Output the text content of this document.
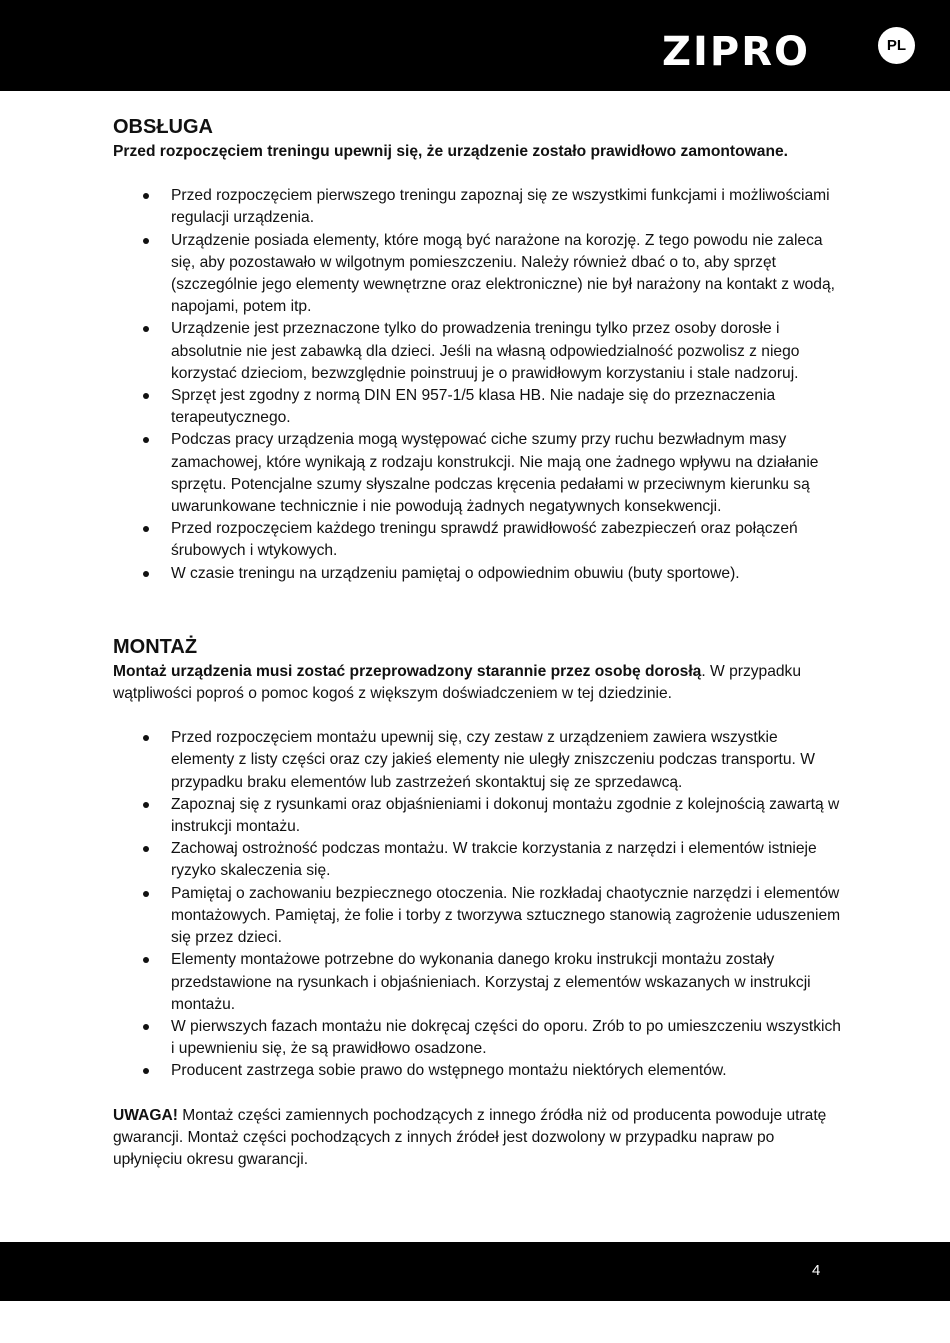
ZIPRO	PL
OBSŁUGA

Przed rozpoczęciem treningu upewnij się, że urządzenie zostało prawidłowo zamontowane.

Przed rozpoczęciem pierwszego treningu zapoznaj się ze wszystkimi funkcjami i możliwościami regulacji urządzenia.
Urządzenie posiada elementy, które mogą być narażone na korozję. Z tego powodu nie zaleca się, aby pozostawało w wilgotnym pomieszczeniu. Należy również dbać o to, aby sprzęt (szczególnie jego elementy wewnętrzne oraz elektroniczne) nie był narażony na kontakt z wodą, napojami, potem itp.
Urządzenie jest przeznaczone tylko do prowadzenia treningu tylko przez osoby dorosłe i absolutnie nie jest zabawką dla dzieci. Jeśli na własną odpowiedzialność pozwolisz z niego korzystać dzieciom, bezwzględnie poinstruuj je o prawidłowym korzystaniu i stale nadzoruj.
Sprzęt jest zgodny z normą DIN EN 957-1/5 klasa HB. Nie nadaje się do przeznaczenia terapeutycznego.
Podczas pracy urządzenia mogą występować ciche szumy przy ruchu bezwładnym masy zamachowej, które wynikają z rodzaju konstrukcji. Nie mają one żadnego wpływu na działanie sprzętu. Potencjalne szumy słyszalne podczas kręcenia pedałami w przeciwnym kierunku są uwarunkowane technicznie i nie powodują żadnych negatywnych konsekwencji.
Przed rozpoczęciem każdego treningu sprawdź prawidłowość zabezpieczeń oraz połączeń śrubowych i wtykowych.
W czasie treningu na urządzeniu pamiętaj o odpowiednim obuwiu (buty sportowe).
MONTAŻ

Montaż urządzenia musi zostać przeprowadzony starannie przez osobę dorosłą. W przypadku wątpliwości poproś o pomoc kogoś z większym doświadczeniem w tej dziedzinie.

Przed rozpoczęciem montażu upewnij się, czy zestaw z urządzeniem zawiera wszystkie elementy z listy części oraz czy jakieś elementy nie uległy zniszczeniu podczas transportu. W przypadku braku elementów lub zastrzeżeń skontaktuj się ze sprzedawcą.
Zapoznaj się z rysunkami oraz objaśnieniami i dokonuj montażu zgodnie z kolejnością zawartą w instrukcji montażu.
Zachowaj ostrożność podczas montażu. W trakcie korzystania z narzędzi i elementów istnieje ryzyko skaleczenia się.
Pamiętaj o zachowaniu bezpiecznego otoczenia. Nie rozkładaj chaotycznie narzędzi i elementów montażowych. Pamiętaj, że folie i torby z tworzywa sztucznego stanowią zagrożenie uduszeniem się przez dzieci.
Elementy montażowe potrzebne do wykonania danego kroku instrukcji montażu zostały przedstawione na rysunkach i objaśnieniach. Korzystaj z elementów wskazanych w instrukcji montażu.
W pierwszych fazach montażu nie dokręcaj części do oporu. Zrób to po umieszczeniu wszystkich i upewnieniu się, że są prawidłowo osadzone.
Producent zastrzega sobie prawo do wstępnego montażu niektórych elementów.

UWAGA! Montaż części zamiennych pochodzących z innego źródła niż od producenta powoduje utratę gwarancji. Montaż części pochodzących z innych źródeł jest dozwolony w przypadku napraw po upłynięciu okresu gwarancji.

4
